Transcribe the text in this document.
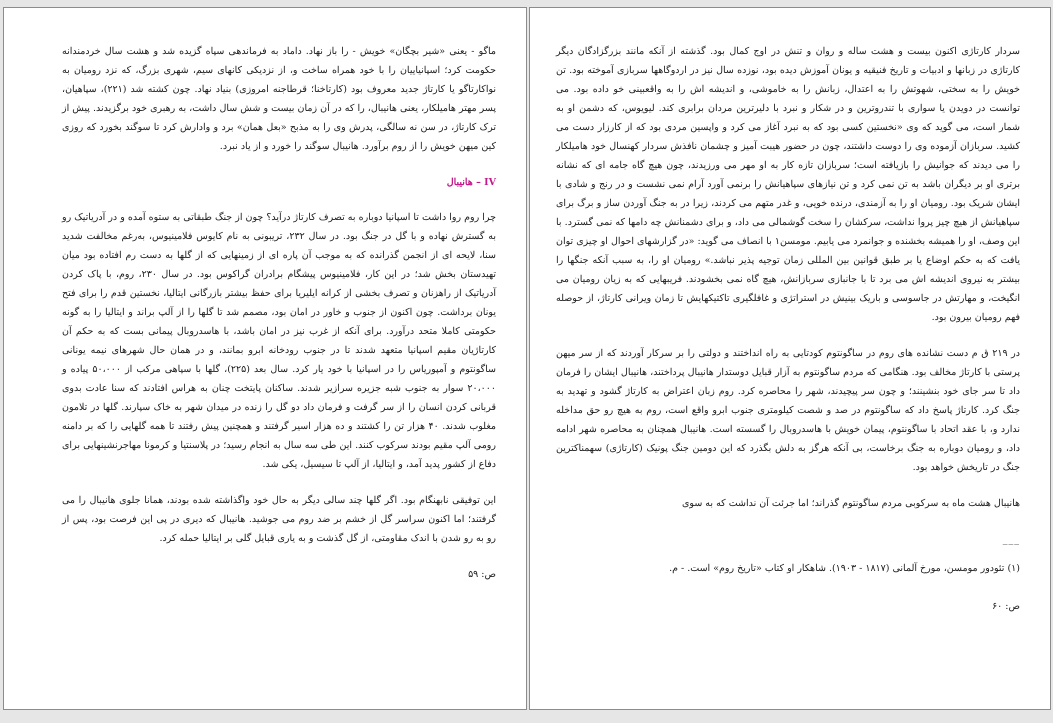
سردار کارتاژی اکنون بیست و هشت ساله و روان و تنش در اوج کمال بود. گذشته از آنکه مانند بزرگزادگان دیگر کارتاژی در زبانها و ادبیات و تاریخ فنیقیه و یونان آموزش دیده بود، نوزده سال نیز در اردوگاهها سربازی آموخته بود. تن خویش را به سختی، شهوتش را به اعتدال، زبانش را به خاموشی، و اندیشه اش را به واقعبینی خو داده بود. می توانست در دویدن یا سواری با تندروترین و در شکار و نبرد با دلیرترین مردان برابری کند. لیویوس، که دشمن او به شمار است، می گوید که وی «نخستین کسی بود که به نبرد آغاز می کرد و واپسین مردی بود که از کارزار دست می کشید. سربازان آزموده وی را دوست داشتند، چون در حضور هیبت آمیز و چشمان نافذش سردار کهنسال خود هامیلکار را می دیدند که جوانیش را بازیافته است؛ سربازان تازه کار به او مهر می ورزیدند، چون هیچ گاه جامه ای که نشانه برتری او بر دیگران باشد به تن نمی کرد و تن نیازهای سپاهیانش را برنمی آورد آرام نمی نشست و در رنج و شادی با ایشان شریک بود. رومیان او را به آزمندی، درنده خویی، و غدر متهم می کردند، زیرا در به جنگ آوردن ساز و برگ برای سپاهیانش از هیچ چیز پروا نداشت، سرکشان را سخت گوشمالی می داد، و برای دشمنانش چه دامها که نمی گسترد. با این وصف، او را همیشه بخشنده و جوانمرد می یابیم. مومسن۱ با انصاف می گوید: «در گزارشهای احوال او چیزی توان یافت که به حکم اوضاع یا بر طبق قوانین بین المللی زمان توجیه پذیر نباشد.» رومیان او را، به سبب آنکه جنگها را بیشتر به نیروی اندیشه اش می برد تا با جانبازی سربازانش، هیچ گاه نمی بخشودند. فریبهایی که به زیان رومیان می انگیخت، و مهارتش در جاسوسی و باریک بینیش در استراتژی و غافلگیری تاکتیکهایش تا زمان ویرانی کارتاژ، از حوصله فهم رومیان بیرون بود.

در ۲۱۹ ق م دست نشانده های روم در ساگونتوم کودتایی به راه انداختند و دولتی را بر سرکار آوردند که از سر میهن پرستی با کارتاژ مخالف بود. هنگامی که مردم ساگونتوم به آزار قبایل دوستدار هانیبال پرداختند، هانیبال ایشان را فرمان داد تا سر جای خود بنشینند؛ و چون سر پیچیدند، شهر را محاصره کرد. روم زبان اعتراض به کارتاژ گشود و تهدید به جنگ کرد. کارتاژ پاسخ داد که ساگونتوم در صد و شصت کیلومتری جنوب ابرو واقع است، روم به هیچ رو حق مداخله ندارد و، با عقد اتحاد با ساگونتوم، پیمان خویش با هاسدروبال را گسسته است. هانیبال همچنان به محاصره شهر ادامه داد، و رومیان دوباره به جنگ برخاست، بی آنکه هرگز به دلش بگذرد که این دومین جنگ پونیک (کارتاژی) سهمناکترین جنگ در تاریخش خواهد بود.

هانیبال هشت ماه به سرکوبی مردم ساگونتوم گذراند؛ اما جرئت آن نداشت که به سوی

___

(۱) تئودور مومسن، مورخ آلمانی (۱۸۱۷ - ۱۹۰۳). شاهکار او کتاب «تاریخ روم» است. - م.

ص: ۶۰

ماگو - یعنی «شیر بچگان» خویش - را باز نهاد. داماد به فرماندهی سپاه گزیده شد و هشت سال خردمندانه حکومت کرد؛ اسپانیاییان را با خود همراه ساخت و، از نزدیکی کانهای سیم، شهری بزرگ، که نزد رومیان به نواکارتاگو یا کارتاژ جدید معروف بود (کارتاخنا؛ قرطاجنه امروزی) بنیاد نهاد. چون کشته شد (۲۲۱)، سپاهیان، پسر مهتر هامیلکار، یعنی هانیبال، را که در آن زمان بیست و شش سال داشت، به رهبری خود برگزیدند. پیش از ترک کارتاژ، در سن نه سالگی، پدرش وی را به مذبح «بعل همان» برد و وادارش کرد تا سوگند بخورد که روزی کین میهن خویش را از روم برآورد. هانیبال سوگند را خورد و از یاد نبرد.

IV – هانیبال

چرا روم روا داشت تا اسپانیا دوباره به تصرف کارتاژ درآید؟ چون از جنگ طبقاتی به ستوه آمده و در آدریاتیک رو به گسترش نهاده و با گل در جنگ بود. در سال ۲۳۲، تریبونی به نام کایوس فلامینیوس، به‌رغم مخالفت شدید سنا، لایحه ای از انجمن گذرانده که به موجب آن پاره ای از زمینهایی که از گلها به دست رم افتاده بود میان تهیدستان بخش شد؛ در این کار، فلامینیوس پیشگام برادران گراکوس بود. در سال ۲۳۰، روم، با پاک کردن آدریاتیک از راهزنان و تصرف بخشی از کرانه ایلیریا برای حفظ بیشتر بازرگانی ایتالیا، نخستین قدم را برای فتح یونان برداشت. چون اکنون از جنوب و خاور در امان بود، مصمم شد تا گلها را از آلپ براند و ایتالیا را به گونه حکومتی کاملا متحد درآورد. برای آنکه از غرب نیز در امان باشد، با هاسدروبال پیمانی بست که به حکم آن کارتاژیان مقیم اسپانیا متعهد شدند تا در جنوب رودخانه ابرو بمانند، و در همان حال شهرهای نیمه یونانی ساگونتوم و آمپوریاس را در اسپانیا با خود یار کرد. سال بعد (۲۲۵)، گلها با سپاهی مرکب از ۵۰،۰۰۰ پیاده و ۲۰،۰۰۰ سوار به جنوب شبه جزیره سرازیر شدند. ساکنان پایتخت چنان به هراس افتادند که سنا عادت بدوی قربانی کردن انسان را از سر گرفت و فرمان داد دو گل را زنده در میدان شهر به خاک سپارند. گلها در تلامون مغلوب شدند. ۴۰ هزار تن را کشتند و ده هزار اسیر گرفتند و همچنین پیش رفتند تا همه گلهایی را که بر دامنه رومی آلپ مقیم بودند سرکوب کنند. این طی سه سال به انجام رسید؛ در پلاسنتیا و کرمونا مهاجرنشینهایی برای دفاع از کشور پدید آمد، و ایتالیا، از آلپ تا سیسیل، یکی شد.

این توفیقی نابهنگام بود. اگر گلها چند سالی دیگر به حال خود واگذاشته شده بودند، همانا جلوی هانیبال را می گرفتند؛ اما اکنون سراسر گل از خشم بر ضد روم می جوشید. هانیبال که دیری در پی این فرصت بود، پس از رو به رو شدن با اندک مقاومتی، از گل گذشت و به یاری قبایل گلی بر ایتالیا حمله کرد.

ص: ۵۹
